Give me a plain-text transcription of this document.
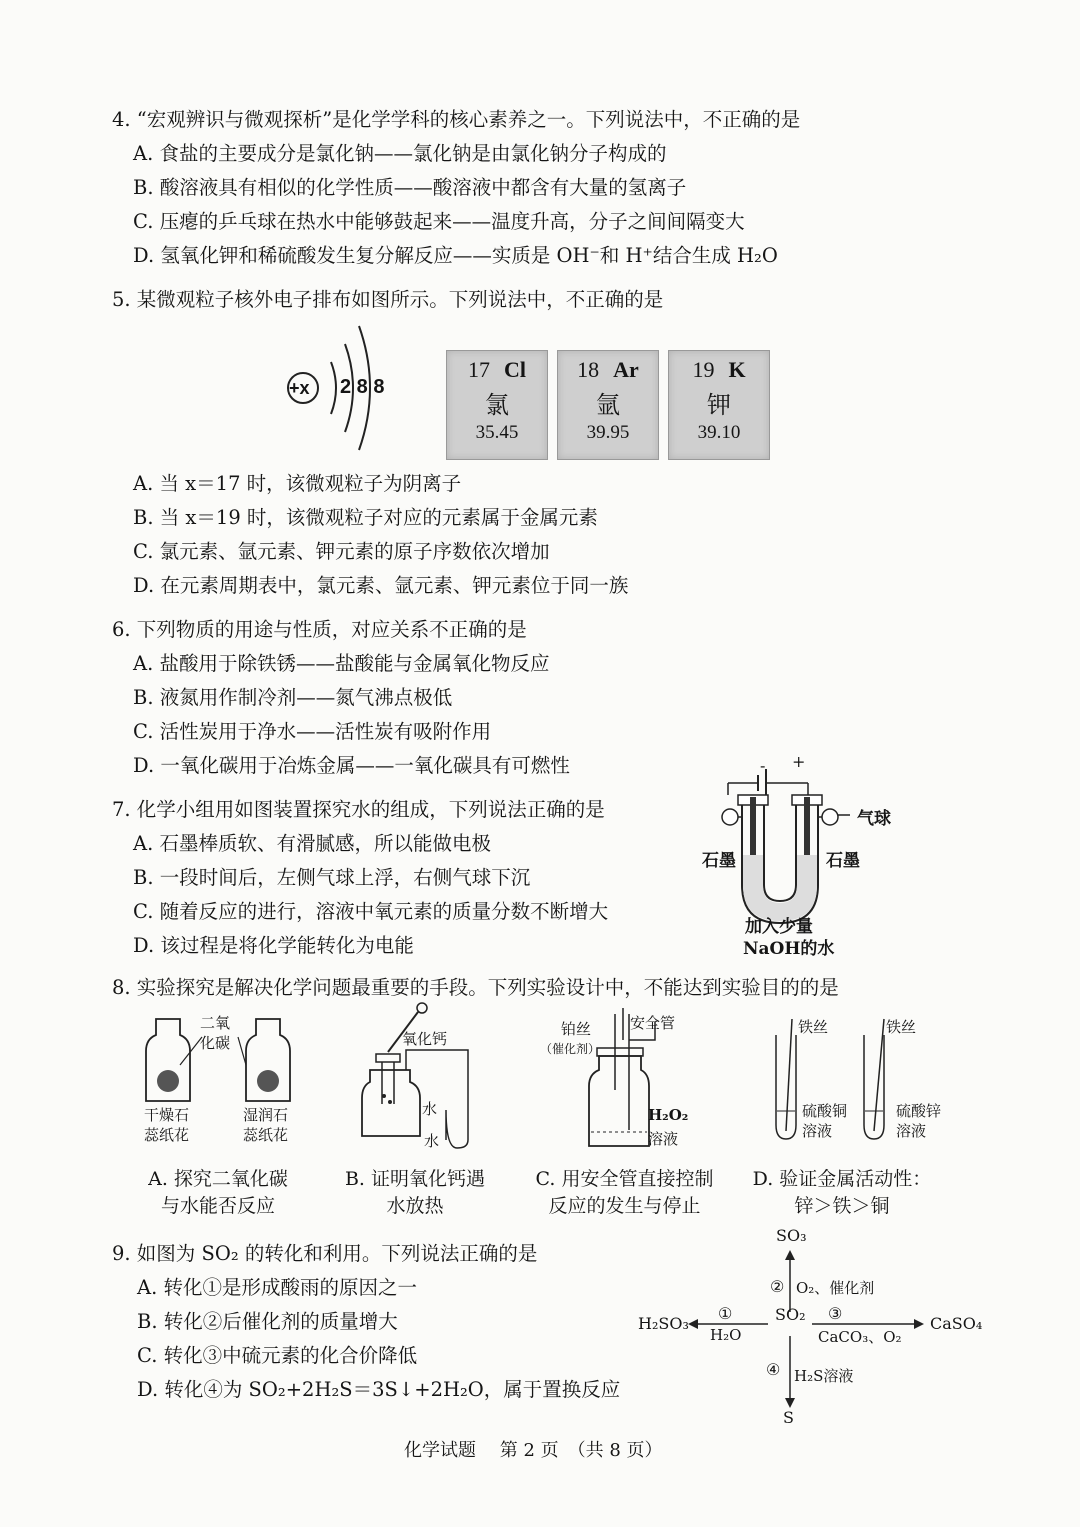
4. “宏观辨识与微观探析”是化学学科的核心素养之一。下列说法中，不正确的是
A. 食盐的主要成分是氯化钠——氯化钠是由氯化钠分子构成的
B. 酸溶液具有相似的化学性质——酸溶液中都含有大量的氢离子
C. 压瘪的乒乓球在热水中能够鼓起来——温度升高，分子之间间隔变大
D. 氢氧化钾和稀硫酸发生复分解反应——实质是 OH⁻和 H⁺结合生成 H₂O
5. 某微观粒子核外电子排布如图所示。下列说法中，不正确的是
+x 2 8 8
17 Cl
氯
35.45
18 Ar
氩
39.95
19 K
钾
39.10
A. 当 x＝17 时，该微观粒子为阴离子
B. 当 x＝19 时，该微观粒子对应的元素属于金属元素
C. 氯元素、氩元素、钾元素的原子序数依次增加
D. 在元素周期表中，氯元素、氩元素、钾元素位于同一族
6. 下列物质的用途与性质，对应关系不正确的是
A. 盐酸用于除铁锈——盐酸能与金属氧化物反应
B. 液氮用作制冷剂——氮气沸点极低
C. 活性炭用于净水——活性炭有吸附作用
D. 一氧化碳用于冶炼金属——一氧化碳具有可燃性
7. 化学小组用如图装置探究水的组成，下列说法正确的是
A. 石墨棒质软、有滑腻感，所以能做电极
B. 一段时间后，左侧气球上浮，右侧气球下沉
C. 随着反应的进行，溶液中氧元素的质量分数不断增大
D. 该过程是将化学能转化为电能
- +
气球
石墨	石墨
加入少量
NaOH的水
8. 实验探究是解决化学问题最重要的手段。下列实验设计中，不能达到实验目的的是
二氧
化碳
干燥石
蕊纸花
湿润石
蕊纸花
氧化钙
水
水
铂丝
（催化剂）
安全管
H₂O₂
溶液
铁丝	铁丝
硫酸铜
溶液
硫酸锌
溶液
A. 探究二氧化碳
与水能否反应
B. 证明氧化钙遇
水放热
C. 用安全管直接控制
反应的发生与停止
D. 验证金属活动性：
锌＞铁＞铜
9. 如图为 SO₂ 的转化和利用。下列说法正确的是
A. 转化①是形成酸雨的原因之一
B. 转化②后催化剂的质量增大
C. 转化③中硫元素的化合价降低
D. 转化④为 SO₂+2H₂S＝3S↓+2H₂O，属于置换反应
SO₂
SO₃
H₂SO₃	CaSO₄
S
①
②
③
④
H₂O
O₂、催化剂
CaCO₃、O₂
H₂S溶液
化学试题　 第 2 页　（共 8 页）
